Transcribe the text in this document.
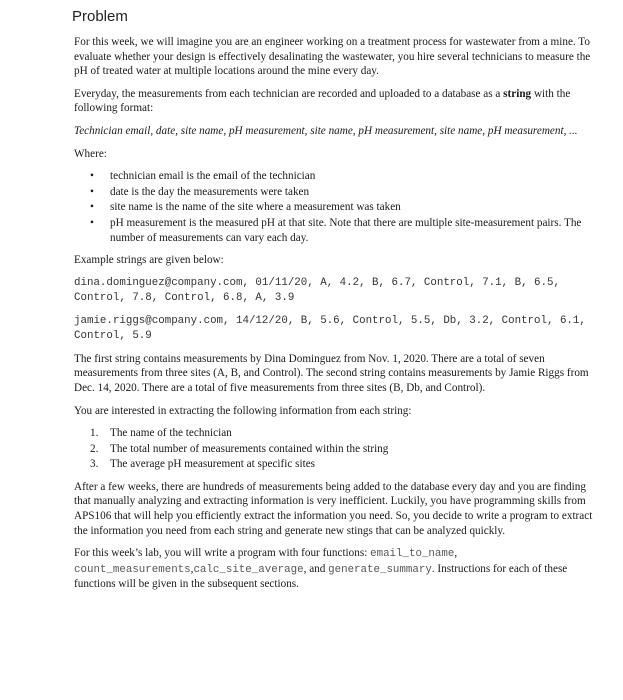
Problem

For this week, we will imagine you are an engineer working on a treatment process for wastewater from a mine. To evaluate whether your design is effectively desalinating the wastewater, you hire several technicians to measure the pH of treated water at multiple locations around the mine every day.

Everyday, the measurements from each technician are recorded and uploaded to a database as a string with the following format:

Technician email, date, site name, pH measurement, site name, pH measurement, site name, pH measurement, ...

Where:

• technician email is the email of the technician
• date is the day the measurements were taken
• site name is the name of the site where a measurement was taken
• pH measurement is the measured pH at that site. Note that there are multiple site-measurement pairs. The number of measurements can vary each day.

Example strings are given below:

dina.dominguez@company.com, 01/11/20, A, 4.2, B, 6.7, Control, 7.1, B, 6.5, Control, 7.8, Control, 6.8, A, 3.9
jamie.riggs@company.com, 14/12/20, B, 5.6, Control, 5.5, Db, 3.2, Control, 6.1, Control, 5.9

The first string contains measurements by Dina Dominguez from Nov. 1, 2020. There are a total of seven measurements from three sites (A, B, and Control). The second string contains measurements by Jamie Riggs from Dec. 14, 2020. There are a total of five measurements from three sites (B, Db, and Control).

You are interested in extracting the following information from each string:

1. The name of the technician
2. The total number of measurements contained within the string
3. The average pH measurement at specific sites

After a few weeks, there are hundreds of measurements being added to the database every day and you are finding that manually analyzing and extracting information is very inefficient. Luckily, you have programming skills from APS106 that will help you efficiently extract the information you need. So, you decide to write a program to extract the information you need from each string and generate new stings that can be analyzed quickly.

For this week’s lab, you will write a program with four functions: email_to_name, count_measurements,calc_site_average, and generate_summary. Instructions for each of these functions will be given in the subsequent sections.
